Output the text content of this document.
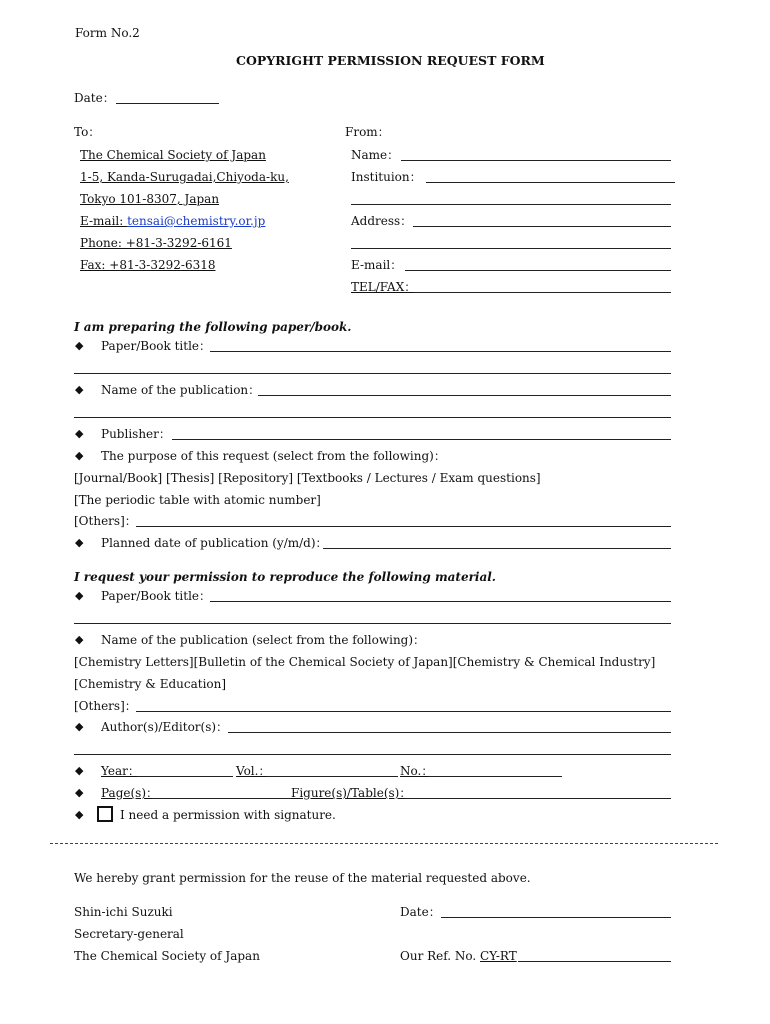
Form No.2
COPYRIGHT PERMISSION REQUEST FORM
Date：
To：
The Chemical Society of Japan
1-5, Kanda-Surugadai,Chiyoda-ku,
Tokyo 101-8307, Japan
E-mail: tensai@chemistry.or.jp
Phone: +81-3-3292-6161
Fax: +81-3-3292-6318
From：
Name：
Instituion：
Address：
E-mail：
TEL/FAX：
I am preparing the following paper/book.
◆ Paper/Book title：
◆ Name of the publication：
◆ Publisher：
◆ The purpose of this request (select from the following)：
[Journal/Book] [Thesis] [Repository] [Textbooks / Lectures / Exam questions]
[The periodic table with atomic number]
[Others]：
◆ Planned date of publication (y/m/d)：
I request your permission to reproduce the following material.
◆ Paper/Book title：
◆ Name of the publication (select from the following)：
[Chemistry Letters][Bulletin of the Chemical Society of Japan][Chemistry & Chemical Industry]
[Chemistry & Education]
[Others]：
◆ Author(s)/Editor(s)：
◆ Year：	Vol.：	No.：
◆ Page(s)：	Figure(s)/Table(s)：
◆	I need a permission with signature.
We hereby grant permission for the reuse of the material requested above.
Shin-ichi Suzuki
Secretary-general
The Chemical Society of Japan
Date：
Our Ref. No. CY-RT
